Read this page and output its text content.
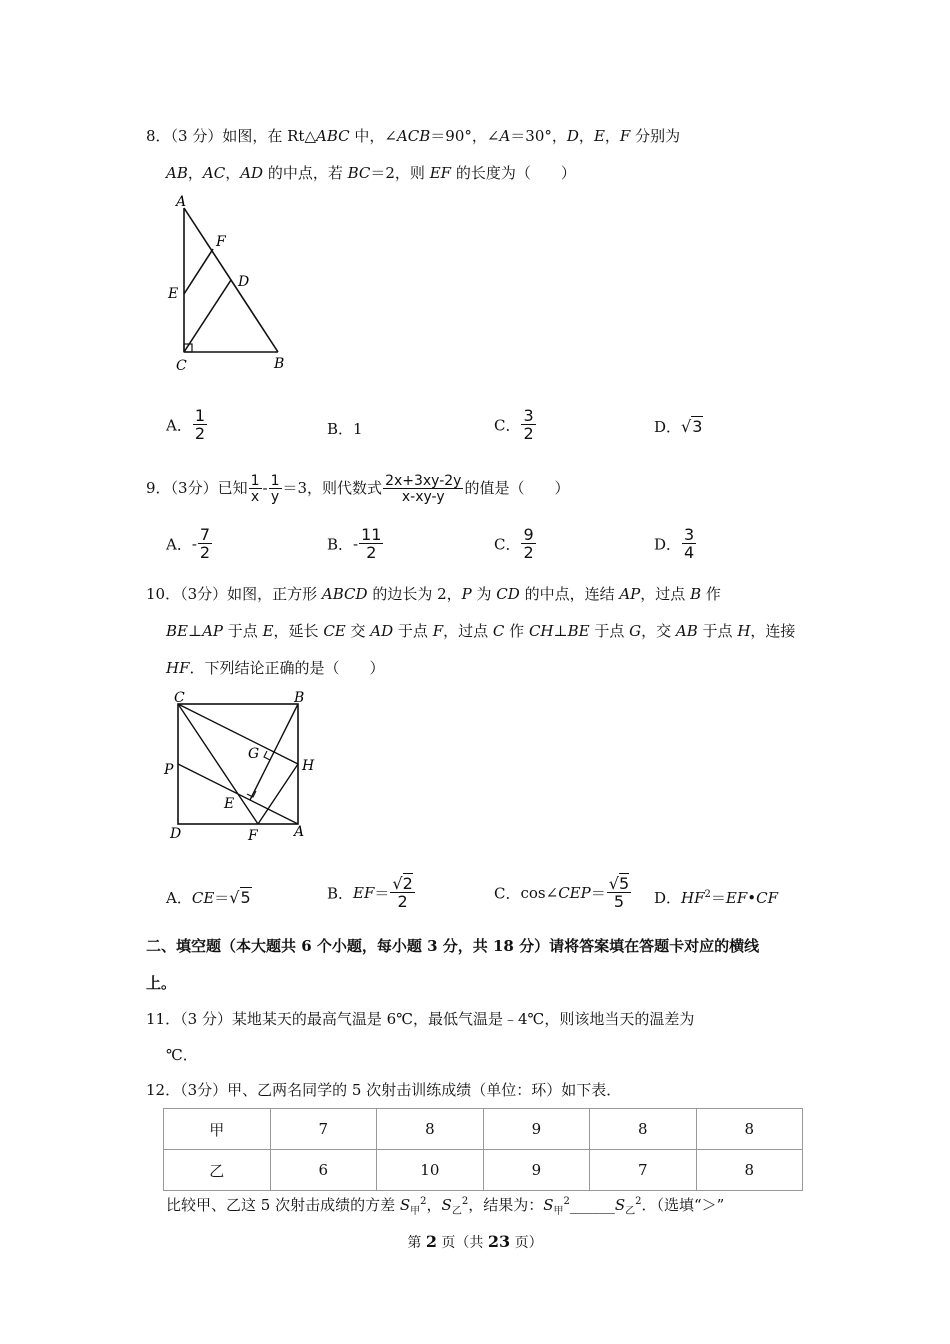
8．（3 分）如图，在 Rt△ABC 中，∠ACB＝90°，∠A＝30°，D，E，F 分别为
AB，AC，AD 的中点，若 BC＝2，则 EF 的长度为（　　）
A
F
D
E
C	B
A． $\frac{1}{2}$	B．1	C． $\frac{3}{2}$	D．√3
9．（3分）已知 $\frac{1}{x} - \frac{1}{y} =3$，则代数式 $\frac{2x+3xy-2y}{x-xy-y}$ 的值是（　　）
A．- $\frac{7}{2}$	B．- $\frac{11}{2}$	C． $\frac{9}{2}$	D． $\frac{3}{4}$
10．（3分）如图，正方形 ABCD 的边长为 2，P 为 CD 的中点，连结 AP，过点 B 作
BE⊥AP 于点 E，延长 CE 交 AD 于点 F，过点 C 作 CH⊥BE 于点 G，交 AB 于点 H，连接
HF．下列结论正确的是（　　）
C	B
G
H
P
E
D	F	A
A．CE＝√5	B．$EF= \frac{√2}{2}$	C．cos∠CEP＝ $\frac{√5}{5}$ D．$HF^2=EF•CF$
二、填空题（本大题共 6 个小题，每小题 3 分，共 18 分）请将答案填在答题卡对应的横线
上。
11．（3 分）某地某天的最高气温是 6℃，最低气温是﹣4℃，则该地当天的温差为
℃．
12．（3分）甲、乙两名同学的 5 次射击训练成绩（单位：环）如下表．
甲	7	8	9	8	8
乙	6	10	9	7	8
比较甲、乙这 5 次射击成绩的方差 $S_甲^2$，$S_乙^2$，结果为：$S_甲^2\_\_\_\_\_\_S_乙^2$．（选填“＞”
第 2 页（共 23 页）
